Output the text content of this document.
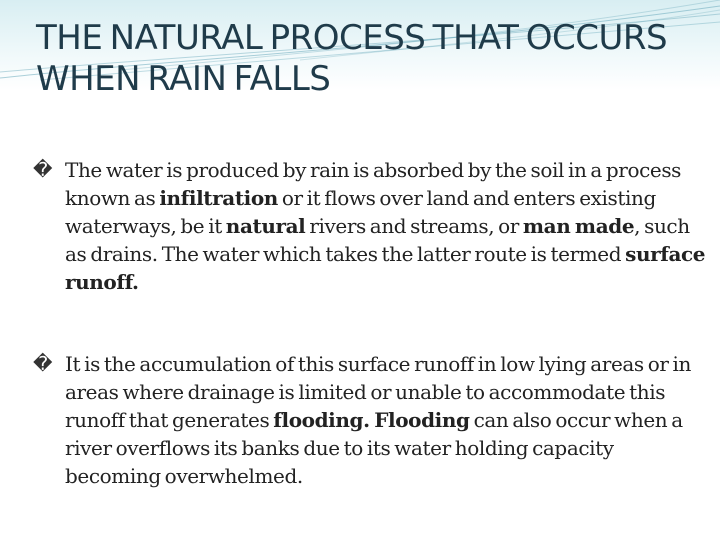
THE NATURAL PROCESS THAT OCCURS WHEN RAIN FALLS
� The water is produced by rain is absorbed by the soil in a process known as infiltration or it flows over land and enters existing waterways, be it natural rivers and streams, or man made, such as drains. The water which takes the latter route is termed surface runoff.
� It is the accumulation of this surface runoff in low lying areas or in areas where drainage is limited or unable to accommodate this runoff that generates flooding. Flooding can also occur when a river overflows its banks due to its water holding capacity becoming overwhelmed.
